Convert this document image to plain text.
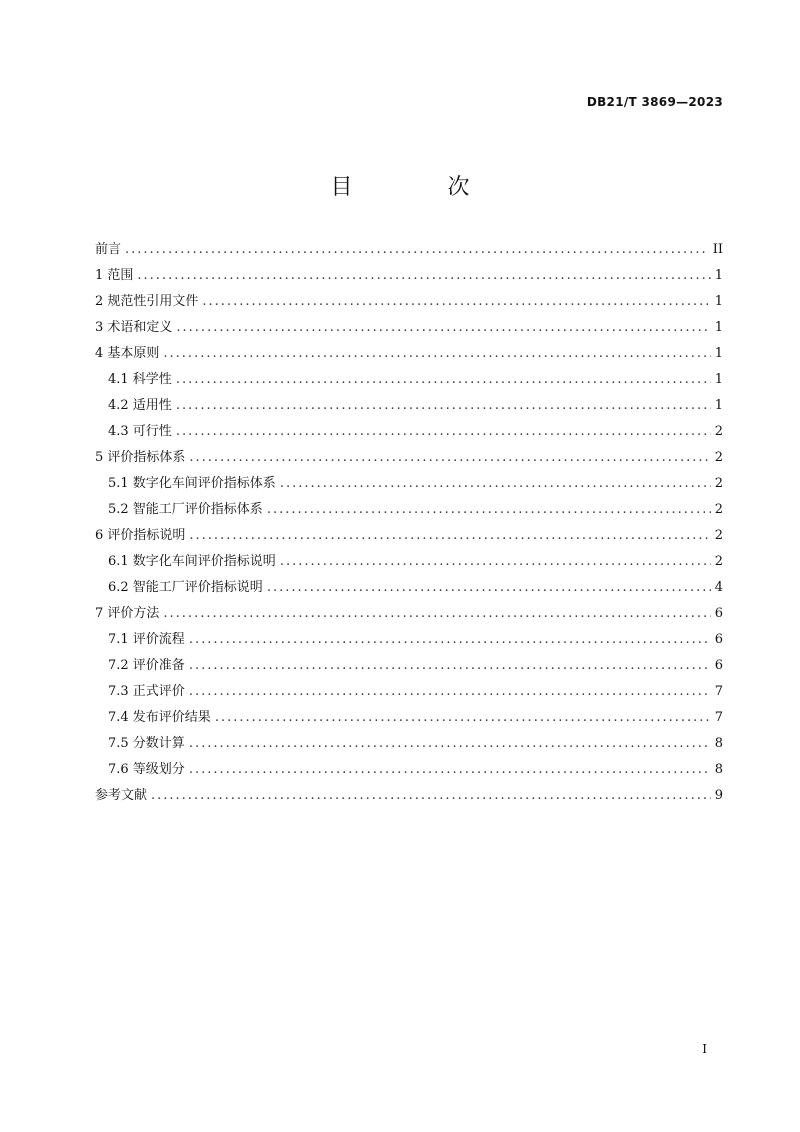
DB21/T 3869—2023
目 次
前言 .....	II
1 范围 .....	1
2 规范性引用文件 .....	1
3 术语和定义 .....	1
4 基本原则 .....	1
4.1 科学性 .....	1
4.2 适用性 .....	1
4.3 可行性 .....	2
5 评价指标体系 .....	2
5.1 数字化车间评价指标体系 .....	2
5.2 智能工厂评价指标体系 .....	2
6 评价指标说明 .....	2
6.1 数字化车间评价指标说明 .....	2
6.2 智能工厂评价指标说明 .....	4
7 评价方法 .....	6
7.1 评价流程 .....	6
7.2 评价准备 .....	6
7.3 正式评价 .....	7
7.4 发布评价结果 .....	7
7.5 分数计算 .....	8
7.6 等级划分 .....	8
参考文献 .....	9
I
